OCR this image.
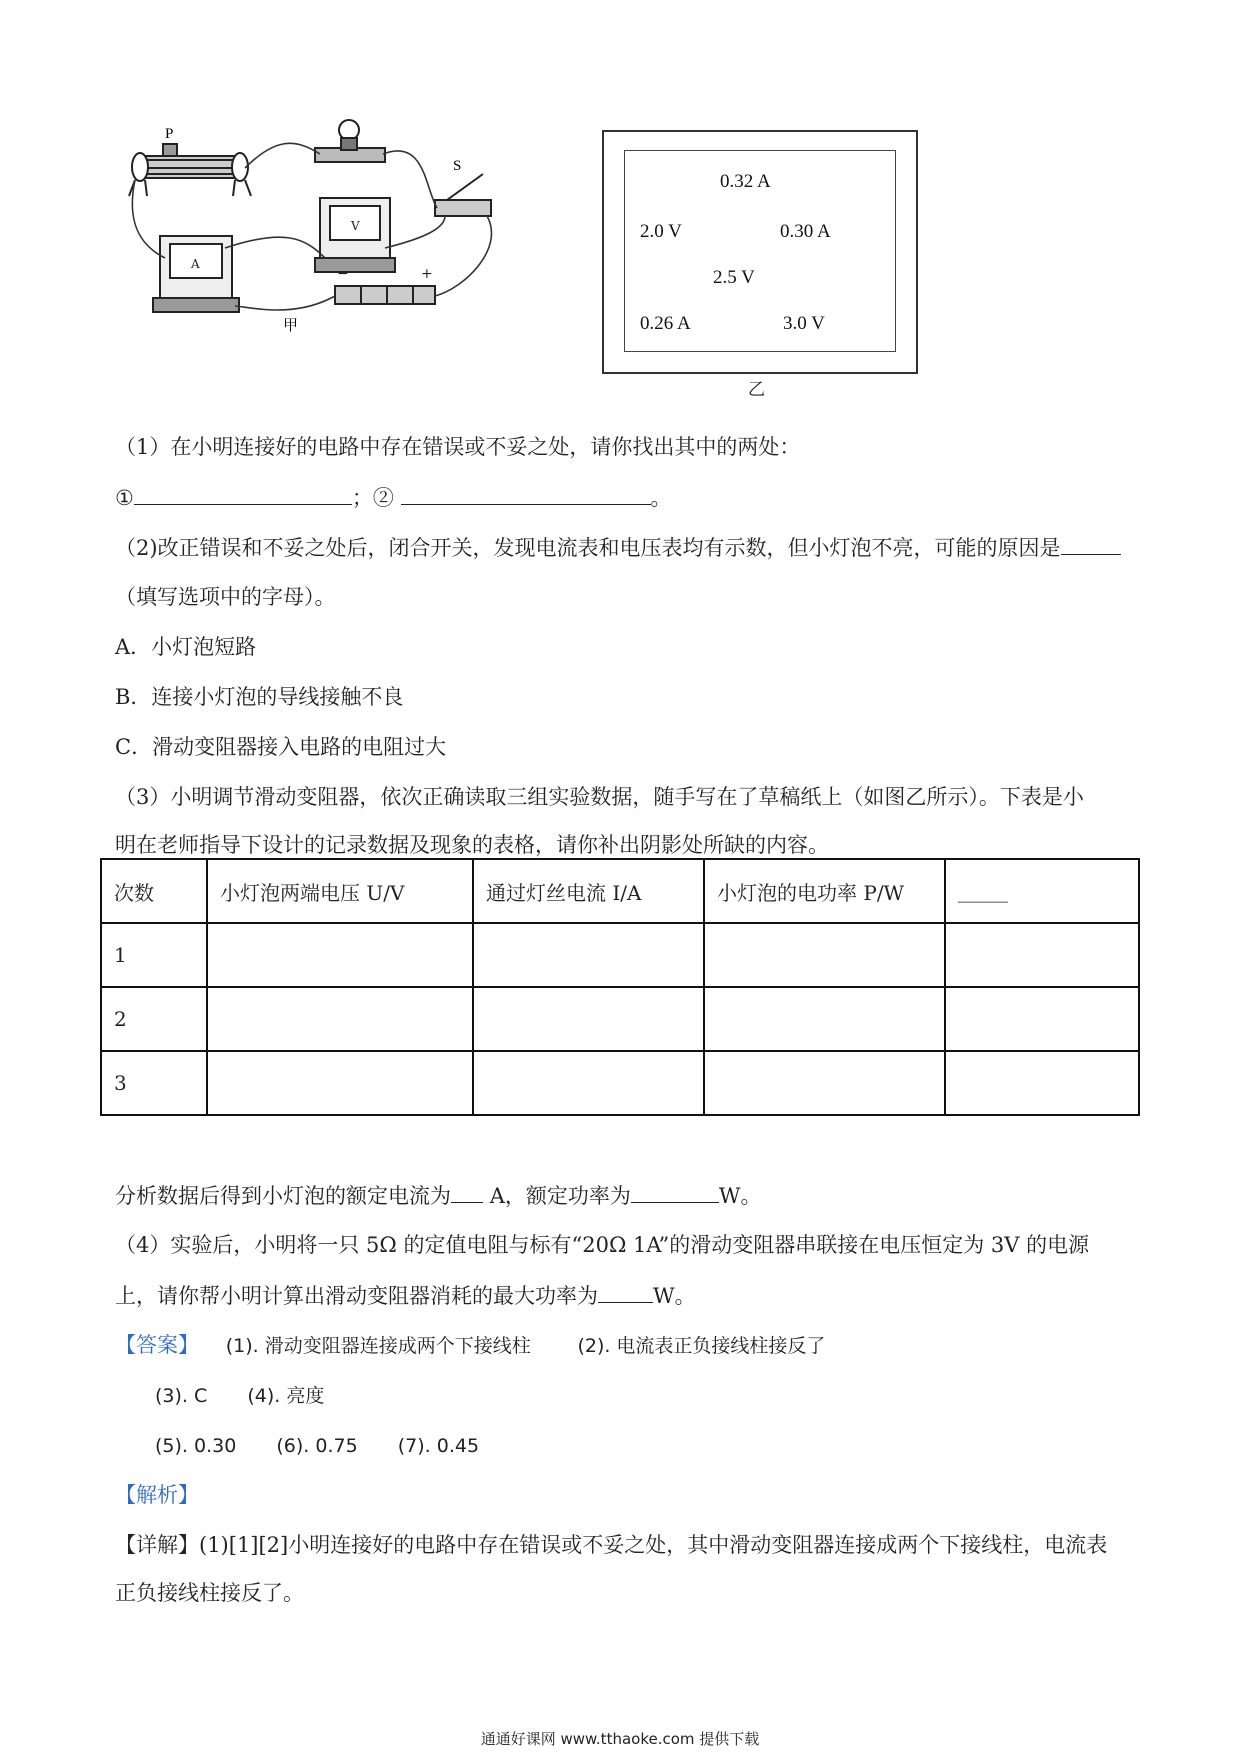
P
V
A
S
−	+
甲
0.32 A
2.0 V	0.30 A
2.5 V
0.26 A	3.0 V
乙
（1）在小明连接好的电路中存在错误或不妥之处，请你找出其中的两处：
①	；②	。
（2)改正错误和不妥之处后，闭合开关，发现电流表和电压表均有示数，但小灯泡不亮，可能的原因是
（填写选项中的字母）。
A．小灯泡短路
B．连接小灯泡的导线接触不良
C．滑动变阻器接入电路的电阻过大
（3）小明调节滑动变阻器，依次正确读取三组实验数据，随手写在了草稿纸上（如图乙所示）。下表是小
明在老师指导下设计的记录数据及现象的表格，请你补出阴影处所缺的内容。
次数	小灯泡两端电压 U/V	通过灯丝电流 I/A	小灯泡的电功率 P/W	_____
1				
2				
3				
分析数据后得到小灯泡的额定电流为 A，额定功率为	W。
（4）实验后，小明将一只 5Ω 的定值电阻与标有“20Ω 1A”的滑动变阻器串联接在电压恒定为 3V 的电源
上，请你帮小明计算出滑动变阻器消耗的最大功率为	W。
【答案】 (1). 滑动变阻器连接成两个下接线柱 (2). 电流表正负接线柱接反了
(3). C (4). 亮度
(5). 0.30 (6). 0.75 (7). 0.45
【解析】
【详解】(1)[1][2]小明连接好的电路中存在错误或不妥之处，其中滑动变阻器连接成两个下接线柱，电流表
正负接线柱接反了。
通通好课网 www.tthaoke.com 提供下载
